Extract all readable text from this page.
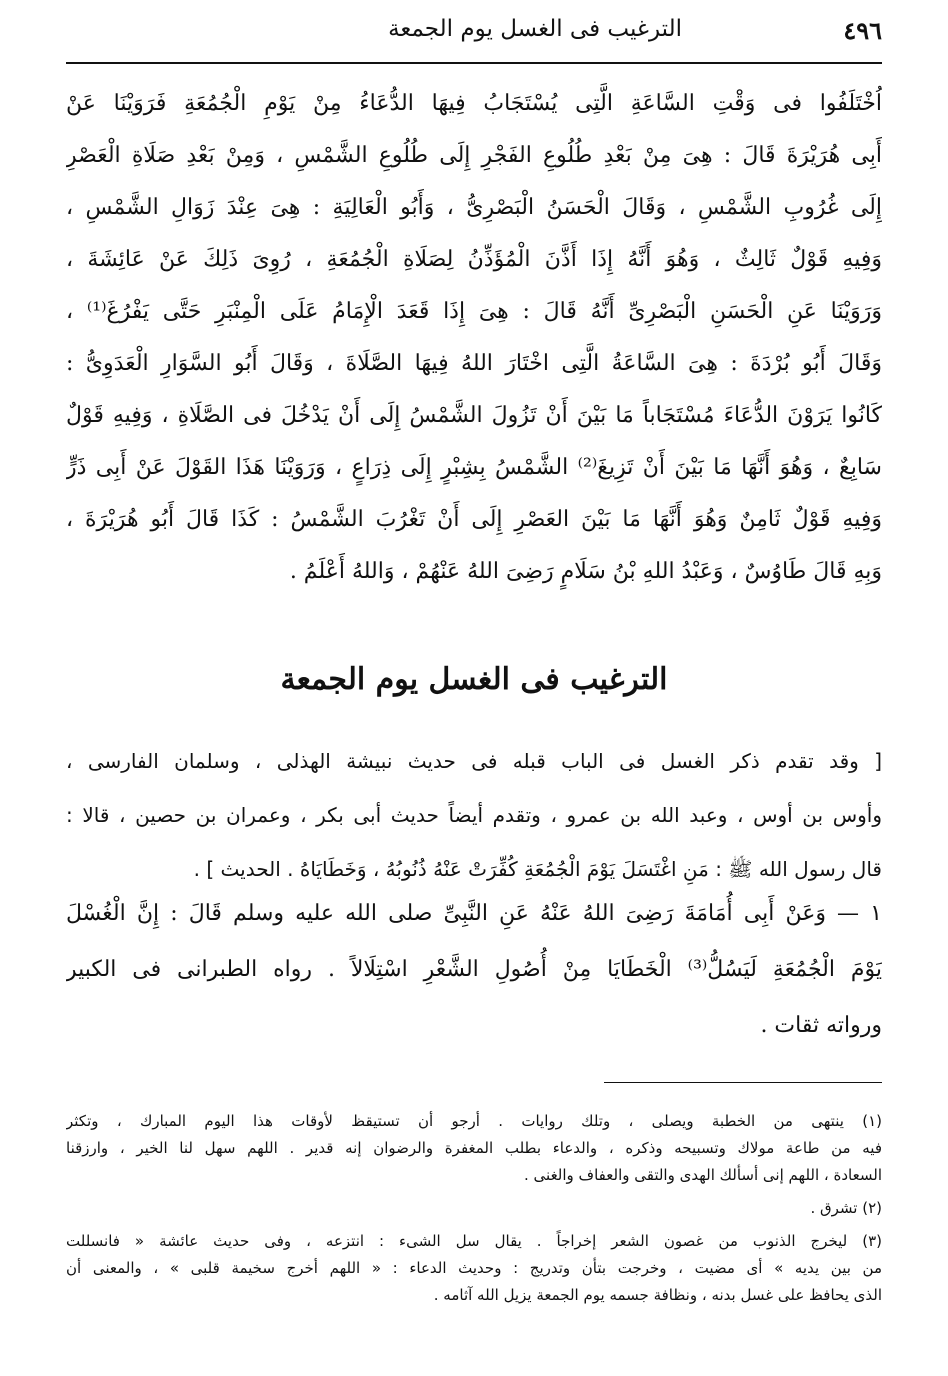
٤٩٦
الترغيب فى الغسل يوم الجمعة
اُخْتَلَفُوا فى وَقْتِ السَّاعَةِ الَّتِى يُسْتَجَابُ فِيهَا الدُّعَاءُ مِنْ يَوْمِ الْجُمُعَةِ فَرَوَيْنَا عَنْ
أَبِى هُرَيْرَةَ قَالَ : هِىَ مِنْ بَعْدِ طُلُوعِ الفَجْرِ إِلَى طُلُوعِ الشَّمْسِ ، وَمِنْ بَعْدِ صَلَاةِ الْعَصْرِ
إِلَى غُرُوبِ الشَّمْسِ ، وَقَالَ الْحَسَنُ الْبَصْرِىُّ ، وَأَبُو الْعَالِيَةِ : هِىَ عِنْدَ زَوَالِ الشَّمْسِ ،
وَفِيهِ قَوْلٌ ثَالِثٌ ، وَهُوَ أَنَّهُ إِذَا أَذَّنَ الْمُؤَذِّنُ لِصَلَاةِ الْجُمُعَةِ ، رُوِىَ ذَلِكَ عَنْ عَائِشَةَ ،
وَرَوَيْنَا عَنِ الْحَسَنِ الْبَصْرِىِّ أَنَّهُ قَالَ : هِىَ إِذَا قَعَدَ الْإِمَامُ عَلَى الْمِنْبَرِ حَتَّى يَفْرُغَ⁽¹⁾ ،
وَقَالَ أَبُو بُرْدَةَ : هِىَ السَّاعَةُ الَّتِى اخْتَارَ اللهُ فِيهَا الصَّلَاةَ ، وَقَالَ أَبُو السَّوَارِ الْعَدَوِىُّ :
كَانُوا يَرَوْنَ الدُّعَاءَ مُسْتَجَاباً مَا بَيْنَ أَنْ تَزُولَ الشَّمْسُ إِلَى أَنْ يَدْخُلَ فى الصَّلَاةِ ، وَفِيهِ قَوْلٌ
سَابِعٌ ، وَهُوَ أَنَّهَا مَا بَيْنَ أَنْ تَزِيغَ⁽²⁾ الشَّمْسُ بِشِبْرٍ إِلَى ذِرَاعٍ ، وَرَوَيْنَا هَذَا القَوْلَ عَنْ أَبِى ذَرٍّ
وَفِيهِ قَوْلٌ ثَامِنٌ وَهُوَ أَنَّهَا مَا بَيْنَ العَصْرِ إِلَى أَنْ تَغْرُبَ الشَّمْسُ : كَذَا قَالَ أَبُو هُرَيْرَةَ ،
وَبِهِ قَالَ طَاوُسٌ ، وَعَبْدُ اللهِ بْنُ سَلَامٍ رَضِىَ اللهُ عَنْهُمْ ، وَاللهُ أَعْلَمُ .
الترغيب فى الغسل يوم الجمعة
[ وقد تقدم ذكر الغسل فى الباب قبله فى حديث نبيشة الهذلى ، وسلمان الفارسى ،
وأوس بن أوس ، وعبد الله بن عمرو ، وتقدم أيضاً حديث أبى بكر ، وعمران بن حصين ، قالا :
قال رسول الله ﷺ : مَنِ اغْتَسَلَ يَوْمَ الْجُمُعَةِ كُفِّرَتْ عَنْهُ ذُنُوبُهُ ، وَخَطَايَاهُ . الحديث ] .
١ — وَعَنْ أَبِى أُمَامَةَ رَضِىَ اللهُ عَنْهُ عَنِ النَّبِىِّ صلى الله عليه وسلم قَالَ : إِنَّ الْغُسْلَ
يَوْمَ الْجُمُعَةِ لَيَسُلُّ⁽³⁾ الْخَطَايَا مِنْ أُصُولِ الشَّعْرِ اسْتِلَالاً . رواه الطبرانى فى الكبير
ورواته ثقات .
(١) ينتهى من الخطبة ويصلى ، وتلك روايات . أرجو أن تستيقظ لأوقات هذا اليوم المبارك ، وتكثر
فيه من طاعة مولاك وتسبيحه وذكره ، والدعاء بطلب المغفرة والرضوان إنه قدير . اللهم سهل لنا الخير ، وارزقنا
السعادة ، اللهم إنى أسألك الهدى والتقى والعفاف والغنى .
(٢) تشرق .
(٣) ليخرج الذنوب من غصون الشعر إخراجاً . يقال سل الشىء : انتزعه ، وفى حديث عائشة « فانسللت
من بين يديه » أى مضيت ، وخرجت بتأن وتدريج : وحديث الدعاء : « اللهم أخرج سخيمة قلبى » ، والمعنى أن
الذى يحافظ على غسل بدنه ، ونظافة جسمه يوم الجمعة يزيل الله آثامه .
